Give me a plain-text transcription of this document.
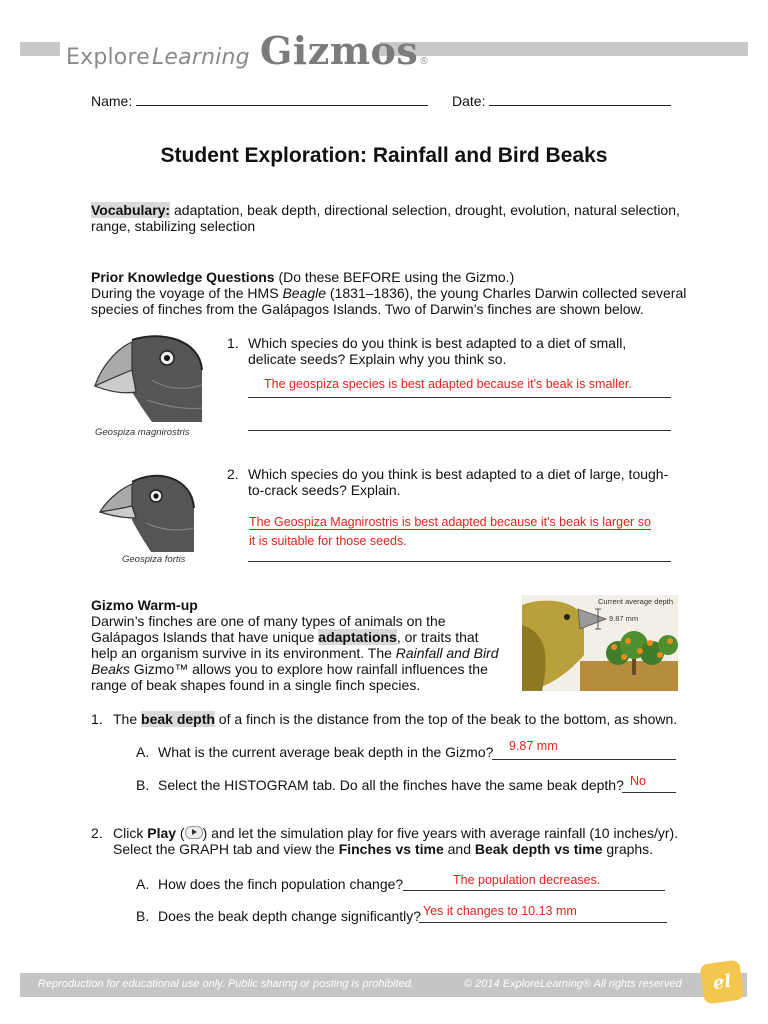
Explore Learning Gizmos ®
Name:	Date:
Student Exploration: Rainfall and Bird Beaks
Vocabulary: adaptation, beak depth, directional selection, drought, evolution, natural selection, range, stabilizing selection
Prior Knowledge Questions (Do these BEFORE using the Gizmo.)
During the voyage of the HMS Beagle (1831–1836), the young Charles Darwin collected several species of finches from the Galápagos Islands. Two of Darwin’s finches are shown below.
Geospiza magnirostris
1. Which species do you think is best adapted to a diet of small, delicate seeds? Explain why you think so.
The geospiza species is best adapted because it's beak is smaller.
Geospiza fortis
2. Which species do you think is best adapted to a diet of large, tough-to-crack seeds? Explain.
The Geospiza Magnirostris is best adapted because it's beak is larger so
it is suitable for those seeds.
Gizmo Warm-up
Darwin’s finches are one of many types of animals on the Galápagos Islands that have unique adaptations, or traits that help an organism survive in its environment. The Rainfall and Bird Beaks Gizmo™ allows you to explore how rainfall influences the range of beak shapes found in a single finch species.
Current average depth
9.87 mm
1. The beak depth of a finch is the distance from the top of the beak to the bottom, as shown.
A. What is the current average beak depth in the Gizmo? 9.87 mm
B. Select the HISTOGRAM tab. Do all the finches have the same beak depth? No
2. Click Play ( ) and let the simulation play for five years with average rainfall (10 inches/yr).
Select the GRAPH tab and view the Finches vs time and Beak depth vs time graphs.
A. How does the finch population change?	The population decreases.
B. Does the beak depth change significantly? Yes it changes to 10.13 mm
Reproduction for educational use only. Public sharing or posting is prohibited.	© 2014 ExploreLearning® All rights reserved el
